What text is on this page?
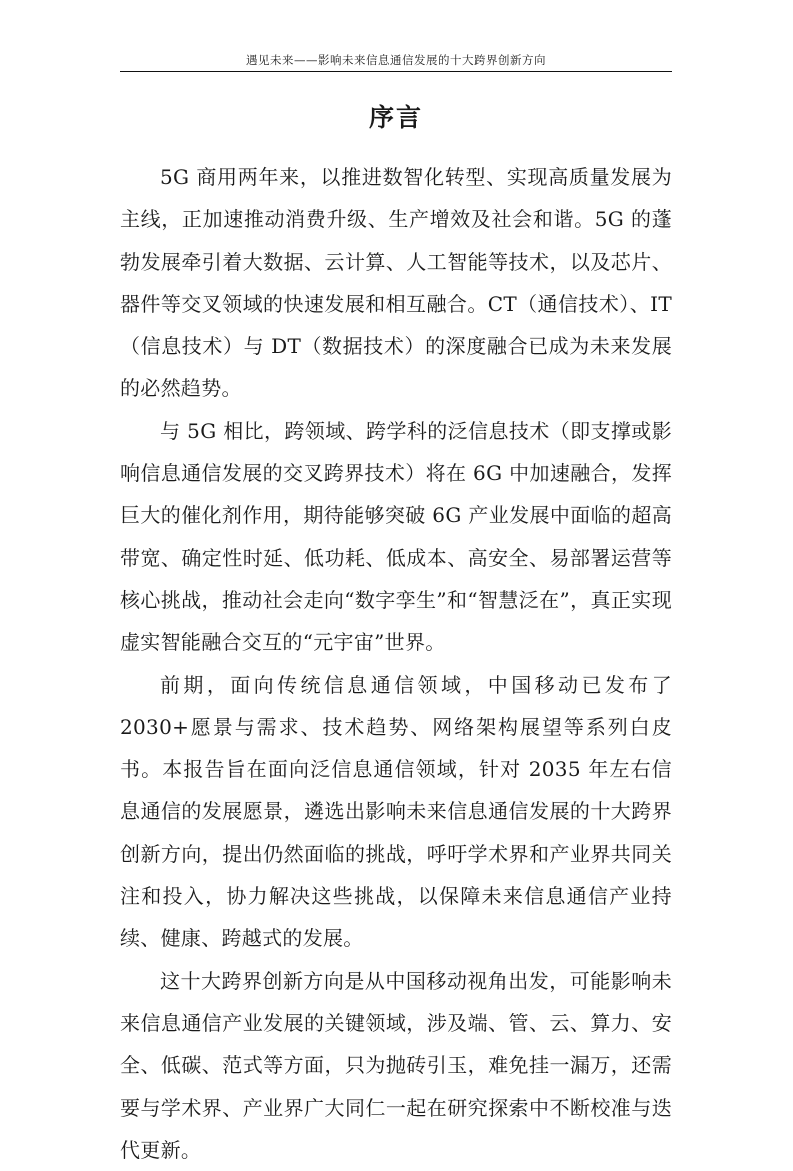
遇见未来——影响未来信息通信发展的十大跨界创新方向
序言

5G 商用两年来，以推进数智化转型、实现高质量发展为主线，正加速推动消费升级、生产增效及社会和谐。5G 的蓬勃发展牵引着大数据、云计算、人工智能等技术，以及芯片、器件等交叉领域的快速发展和相互融合。CT（通信技术）、IT（信息技术）与 DT（数据技术）的深度融合已成为未来发展的必然趋势。

与 5G 相比，跨领域、跨学科的泛信息技术（即支撑或影响信息通信发展的交叉跨界技术）将在 6G 中加速融合，发挥巨大的催化剂作用，期待能够突破 6G 产业发展中面临的超高带宽、确定性时延、低功耗、低成本、高安全、易部署运营等核心挑战，推动社会走向“数字孪生”和“智慧泛在”，真正实现虚实智能融合交互的“元宇宙”世界。

前期，面向传统信息通信领域，中国移动已发布了 2030+愿景与需求、技术趋势、网络架构展望等系列白皮书。本报告旨在面向泛信息通信领域，针对 2035 年左右信息通信的发展愿景，遴选出影响未来信息通信发展的十大跨界创新方向，提出仍然面临的挑战，呼吁学术界和产业界共同关注和投入，协力解决这些挑战，以保障未来信息通信产业持续、健康、跨越式的发展。

这十大跨界创新方向是从中国移动视角出发，可能影响未来信息通信产业发展的关键领域，涉及端、管、云、算力、安全、低碳、范式等方面，只为抛砖引玉，难免挂一漏万，还需要与学术界、产业界广大同仁一起在研究探索中不断校准与迭代更新。
